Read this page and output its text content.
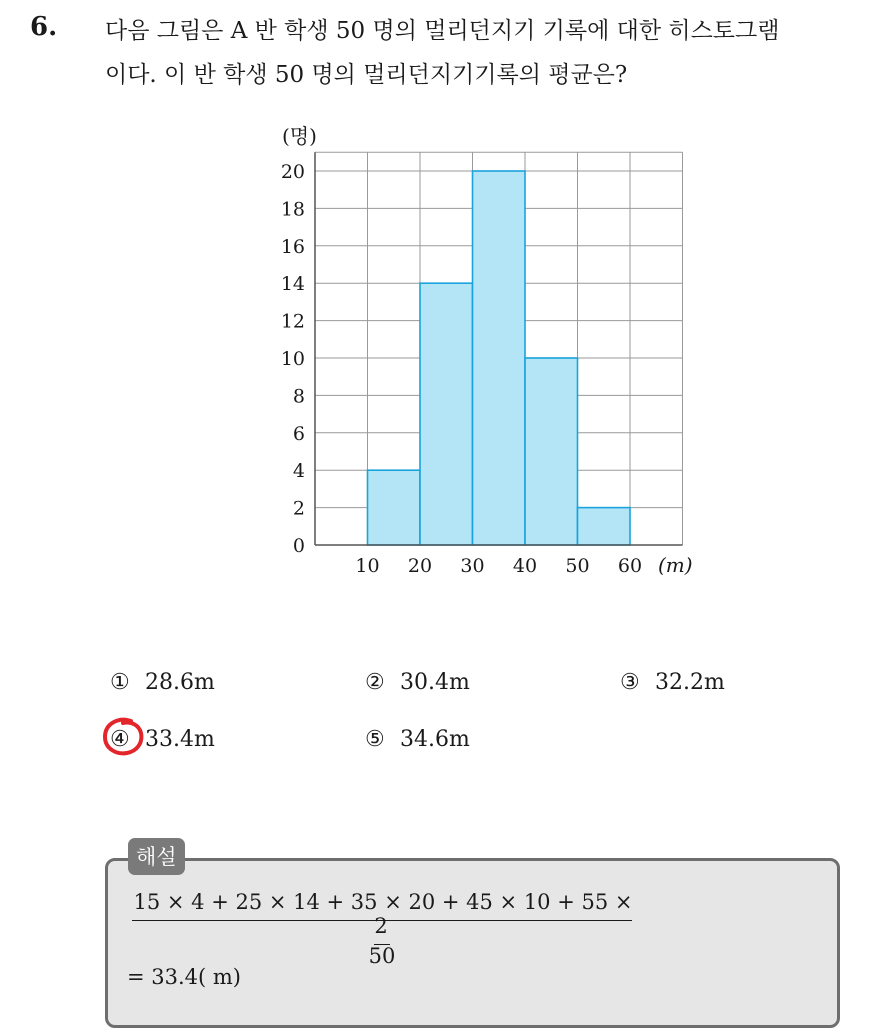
6. 다음 그림은 A 반 학생 50 명의 멀리던지기 기록에 대한 히스토그램
이다. 이 반 학생 50 명의 멀리던지기기록의 평균은?
(명)
(m)
0
2
4
6
8
10
12
14
16
18
20
10 20 30 40 50 60
① 28.6m	② 30.4m	③ 32.2m
④ 33.4m	⑤ 34.6m
해설
15 × 4 + 25 × 14 + 35 × 20 + 45 × 10 + 55 × 2
50
= 33.4( m)
